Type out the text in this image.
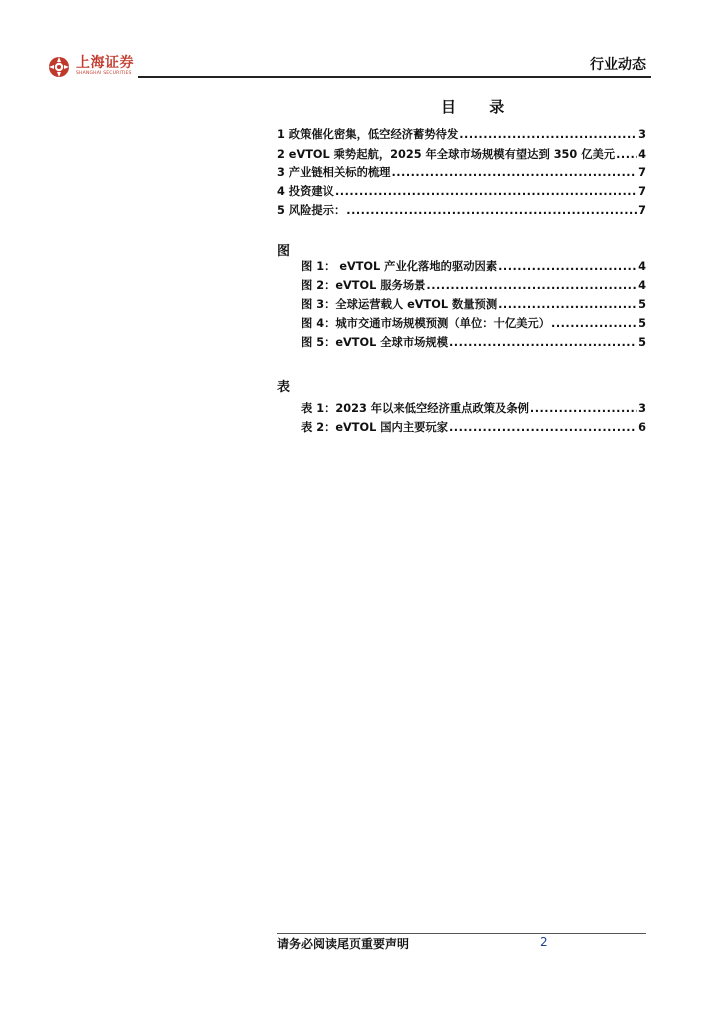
上海证券
SHANGHAI SECURITIES
行业动态
目 录
1 政策催化密集，低空经济蓄势待发 .....	3
2 eVTOL 乘势起航，2025 年全球市场规模有望达到 350 亿美元 ..... 4
3 产业链相关标的梳理 .....	7
4 投资建议 .....	7
5 风险提示： .....	7
图
图 1： eVTOL 产业化落地的驱动因素 .....	4
图 2：eVTOL 服务场景 .....	4
图 3：全球运营载人 eVTOL 数量预测 .....	5
图 4：城市交通市场规模预测（单位：十亿美元） .....	5
图 5：eVTOL 全球市场规模 .....	5
表
表 1：2023 年以来低空经济重点政策及条例 .....	3
表 2：eVTOL 国内主要玩家 .....	6
请务必阅读尾页重要声明	2
